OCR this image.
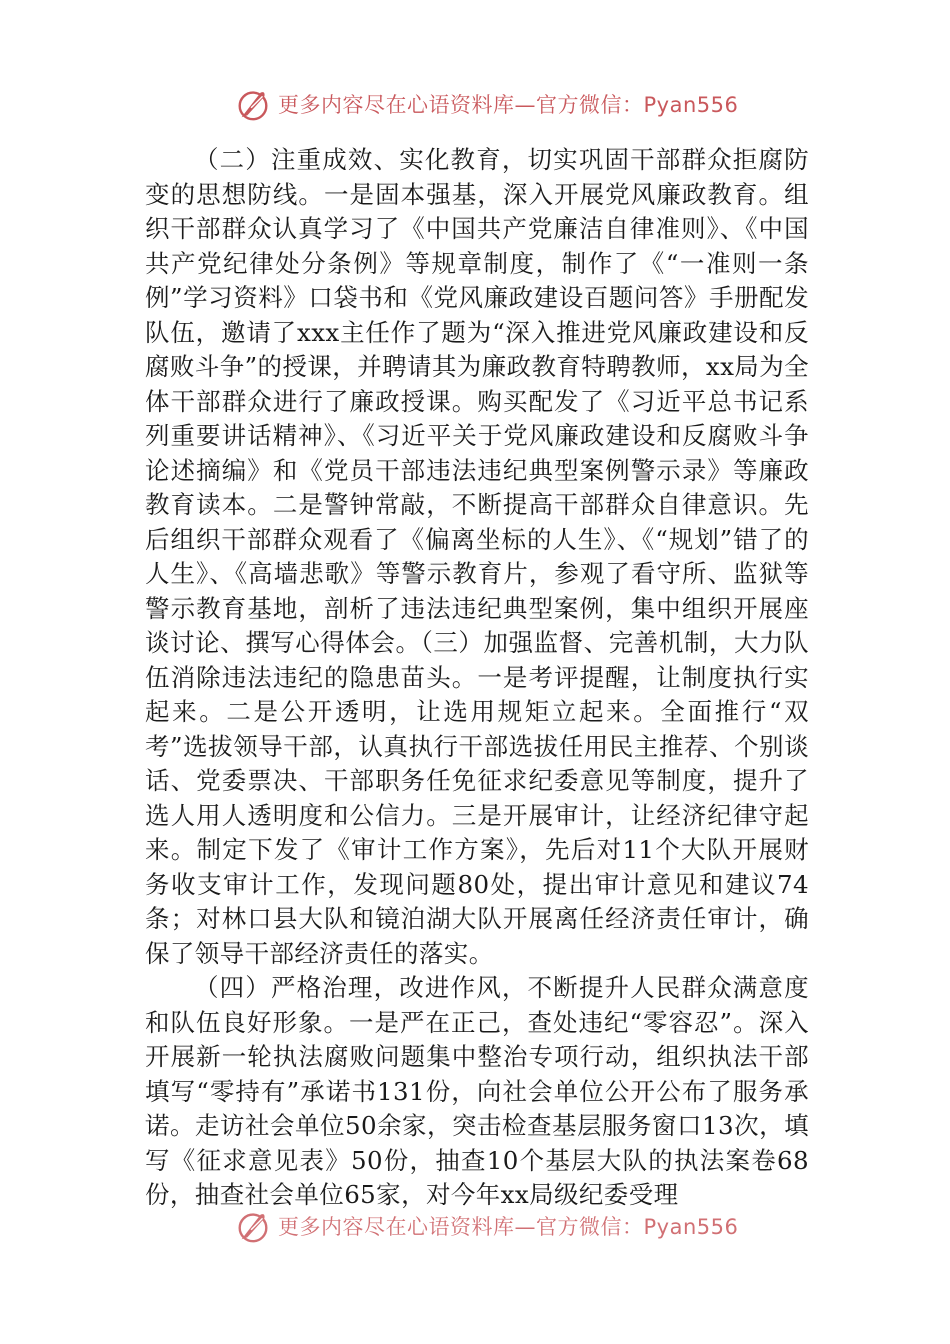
更多内容尽在心语资料库—官方微信：Pyan556

（二）注重成效、实化教育，切实巩固干部群众拒腐防变的思想防线。一是固本强基，深入开展党风廉政教育。组织干部群众认真学习了《中国共产党廉洁自律准则》、《中国共产党纪律处分条例》等规章制度，制作了《“一准则一条例”学习资料》口袋书和《党风廉政建设百题问答》手册配发队伍，邀请了xxx主任作了题为“深入推进党风廉政建设和反腐败斗争”的授课，并聘请其为廉政教育特聘教师，xx局为全体干部群众进行了廉政授课。购买配发了《习近平总书记系列重要讲话精神》、《习近平关于党风廉政建设和反腐败斗争论述摘编》和《党员干部违法违纪典型案例警示录》等廉政教育读本。二是警钟常敲，不断提高干部群众自律意识。先后组织干部群众观看了《偏离坐标的人生》、《“规划”错了的人生》、《高墙悲歌》等警示教育片，参观了看守所、监狱等警示教育基地，剖析了违法违纪典型案例，集中组织开展座谈讨论、撰写心得体会。（三）加强监督、完善机制，大力队伍消除违法违纪的隐患苗头。一是考评提醒，让制度执行实起来。二是公开透明，让选用规矩立起来。全面推行“双考”选拔领导干部，认真执行干部选拔任用民主推荐、个别谈话、党委票决、干部职务任免征求纪委意见等制度，提升了选人用人透明度和公信力。三是开展审计，让经济纪律守起来。制定下发了《审计工作方案》，先后对11个大队开展财务收支审计工作，发现问题80处，提出审计意见和建议74条；对林口县大队和镜泊湖大队开展离任经济责任审计，确保了领导干部经济责任的落实。

（四）严格治理，改进作风，不断提升人民群众满意度和队伍良好形象。一是严在正己，查处违纪“零容忍”。深入开展新一轮执法腐败问题集中整治专项行动，组织执法干部填写“零持有”承诺书131份，向社会单位公开公布了服务承诺。走访社会单位50余家，突击检查基层服务窗口13次，填写《征求意见表》50份，抽查10个基层大队的执法案卷68份，抽查社会单位65家，对今年xx局级纪委受理

更多内容尽在心语资料库—官方微信：Pyan556
